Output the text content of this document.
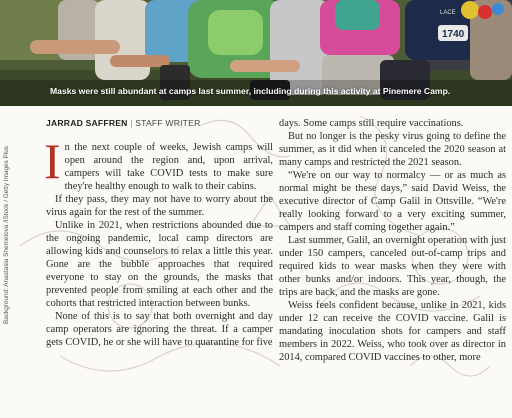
1740
LACE
Masks were still abundant at camps last summer, including during this activity at Pinemere Camp.
Background: Anastasia Shemetova /iStock / Getty Images Plus
JARRAD SAFFREN | STAFF WRITER

In the next couple of weeks, Jewish camps will open around the region and, upon arrival, campers will take COVID tests to make sure they're healthy enough to walk to their cabins.

If they pass, they may not have to worry about the virus again for the rest of the summer.

Unlike in 2021, when restrictions abounded due to the ongoing pandemic, local camp directors are allowing kids and counselors to relax a little this year. Gone are the bubble approaches that required everyone to stay on the grounds, the masks that prevented people from smiling at each other and the cohorts that restricted interaction between bunks.

None of this is to say that both overnight and day camp operators are ignoring the threat. If a camper gets COVID, he or she will have to quarantine for five

days. Some camps still require vaccinations.

But no longer is the pesky virus going to define the summer, as it did when it canceled the 2020 season at many camps and restricted the 2021 season.

“We're on our way to normalcy — or as much as normal might be these days,” said David Weiss, the executive director of Camp Galil in Ottsville. “We're really looking forward to a very exciting summer, campers and staff coming together again.”

Last summer, Galil, an overnight operation with just under 150 campers, canceled out-of-camp trips and required kids to wear masks when they were with other bunks and/or indoors. This year, though, the trips are back, and the masks are gone.

Weiss feels confident because, unlike in 2021, kids under 12 can receive the COVID vaccine. Galil is mandating inoculation shots for campers and staff members in 2022. Weiss, who took over as director in 2014, compared COVID vaccines to other, more
